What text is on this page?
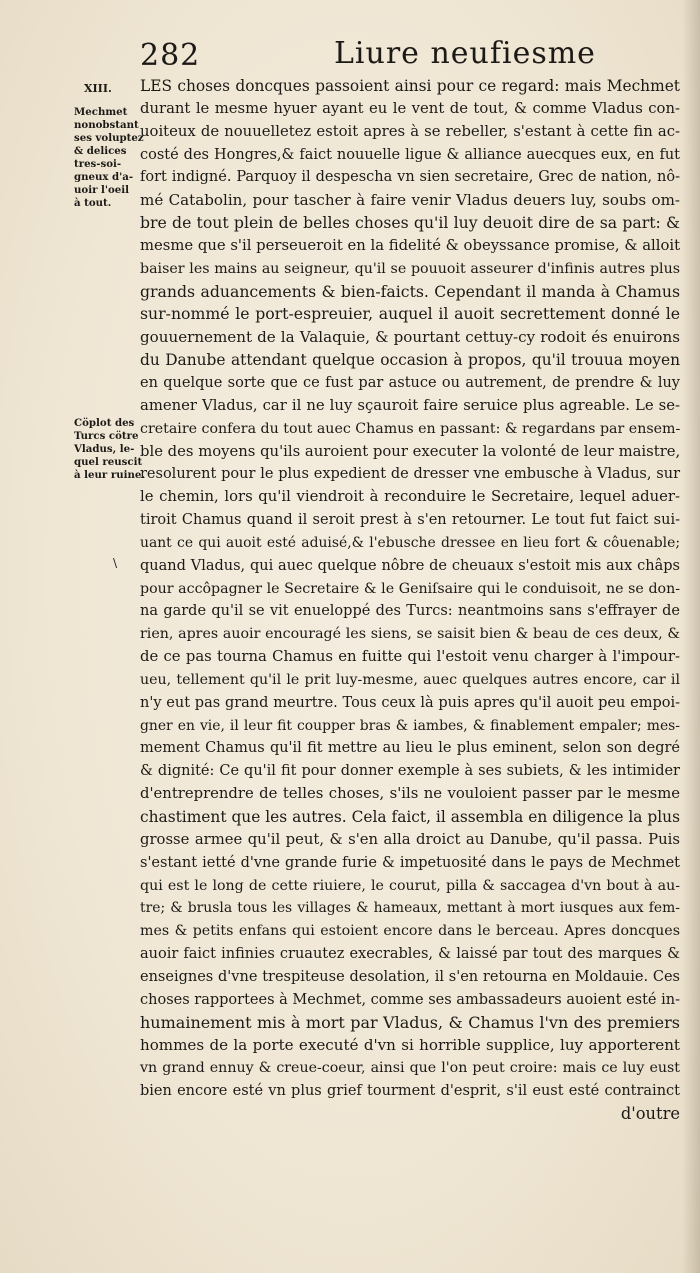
282	Liure neufiesme
XIII.
Mechmet
nonobstant
ses voluptez
& delices
tres-soi-
gneux d'a-
uoir l'oeil
à tout.
Cöplot des
Turcs cötre
Vladus, le-
quel reuscit
à leur ruine.
\
LES choses doncques passoient ainsi pour ce regard: mais Mechmet
durant le mesme hyuer ayant eu le vent de tout, & comme Vladus con-
uoiteux de nouuelletez estoit apres à se rebeller, s'estant à cette fin ac-
costé des Hongres,& faict nouuelle ligue & alliance auecques eux, en fut
fort indigné. Parquoy il despescha vn sien secretaire, Grec de nation, nô-
mé Catabolin, pour tascher à faire venir Vladus deuers luy, soubs om-
bre de tout plein de belles choses qu'il luy deuoit dire de sa part: &
mesme que s'il perseueroit en la fidelité & obeyssance promise, & alloit
baiser les mains au seigneur, qu'il se pouuoit asseurer d'infinis autres plus
grands aduancements & bien-faicts. Cependant il manda à Chamus
sur-nommé le port-espreuier, auquel il auoit secrettement donné le
gouuernement de la Valaquie, & pourtant cettuy-cy rodoit és enuirons
du Danube attendant quelque occasion à propos, qu'il trouua moyen
en quelque sorte que ce fust par astuce ou autrement, de prendre & luy
amener Vladus, car il ne luy sçauroit faire seruice plus agreable. Le se-
cretaire confera du tout auec Chamus en passant: & regardans par ensem-
ble des moyens qu'ils auroient pour executer la volonté de leur maistre,
resolurent pour le plus expedient de dresser vne embusche à Vladus, sur
le chemin, lors qu'il viendroit à reconduire le Secretaire, lequel aduer-
tiroit Chamus quand il seroit prest à s'en retourner. Le tout fut faict sui-
uant ce qui auoit esté aduisé,& l'ebusche dressee en lieu fort & côuenable;
quand Vladus, qui auec quelque nôbre de cheuaux s'estoit mis aux châps
pour accôpagner le Secretaire & le Geniſsaire qui le conduisoit, ne se don-
na garde qu'il se vit enueloppé des Turcs: neantmoins sans s'effrayer de
rien, apres auoir encouragé les siens, se saisit bien & beau de ces deux, &
de ce pas tourna Chamus en fuitte qui l'estoit venu charger à l'impour-
ueu, tellement qu'il le prit luy-mesme, auec quelques autres encore, car il
n'y eut pas grand meurtre. Tous ceux là puis apres qu'il auoit peu empoi-
gner en vie, il leur fit coupper bras & iambes, & finablement empaler; mes-
mement Chamus qu'il fit mettre au lieu le plus eminent, selon son degré
& dignité: Ce qu'il fit pour donner exemple à ses subiets, & les intimider
d'entreprendre de telles choses, s'ils ne vouloient passer par le mesme
chastiment que les autres. Cela faict, il assembla en diligence la plus
grosse armee qu'il peut, & s'en alla droict au Danube, qu'il passa. Puis
s'estant ietté d'vne grande furie & impetuosité dans le pays de Mechmet
qui est le long de cette riuiere, le courut, pilla & saccagea d'vn bout à au-
tre; & brusla tous les villages & hameaux, mettant à mort iusques aux fem-
mes & petits enfans qui estoient encore dans le berceau. Apres doncques
auoir faict infinies cruautez execrables, & laissé par tout des marques &
enseignes d'vne trespiteuse desolation, il s'en retourna en Moldauie. Ces
choses rapportees à Mechmet, comme ses ambassadeurs auoient esté in-
humainement mis à mort par Vladus, & Chamus l'vn des premiers
hommes de la porte executé d'vn si horrible supplice, luy apporterent
vn grand ennuy & creue-coeur, ainsi que l'on peut croire: mais ce luy eust
bien encore esté vn plus grief tourment d'esprit, s'il eust esté contrainct
d'outre
